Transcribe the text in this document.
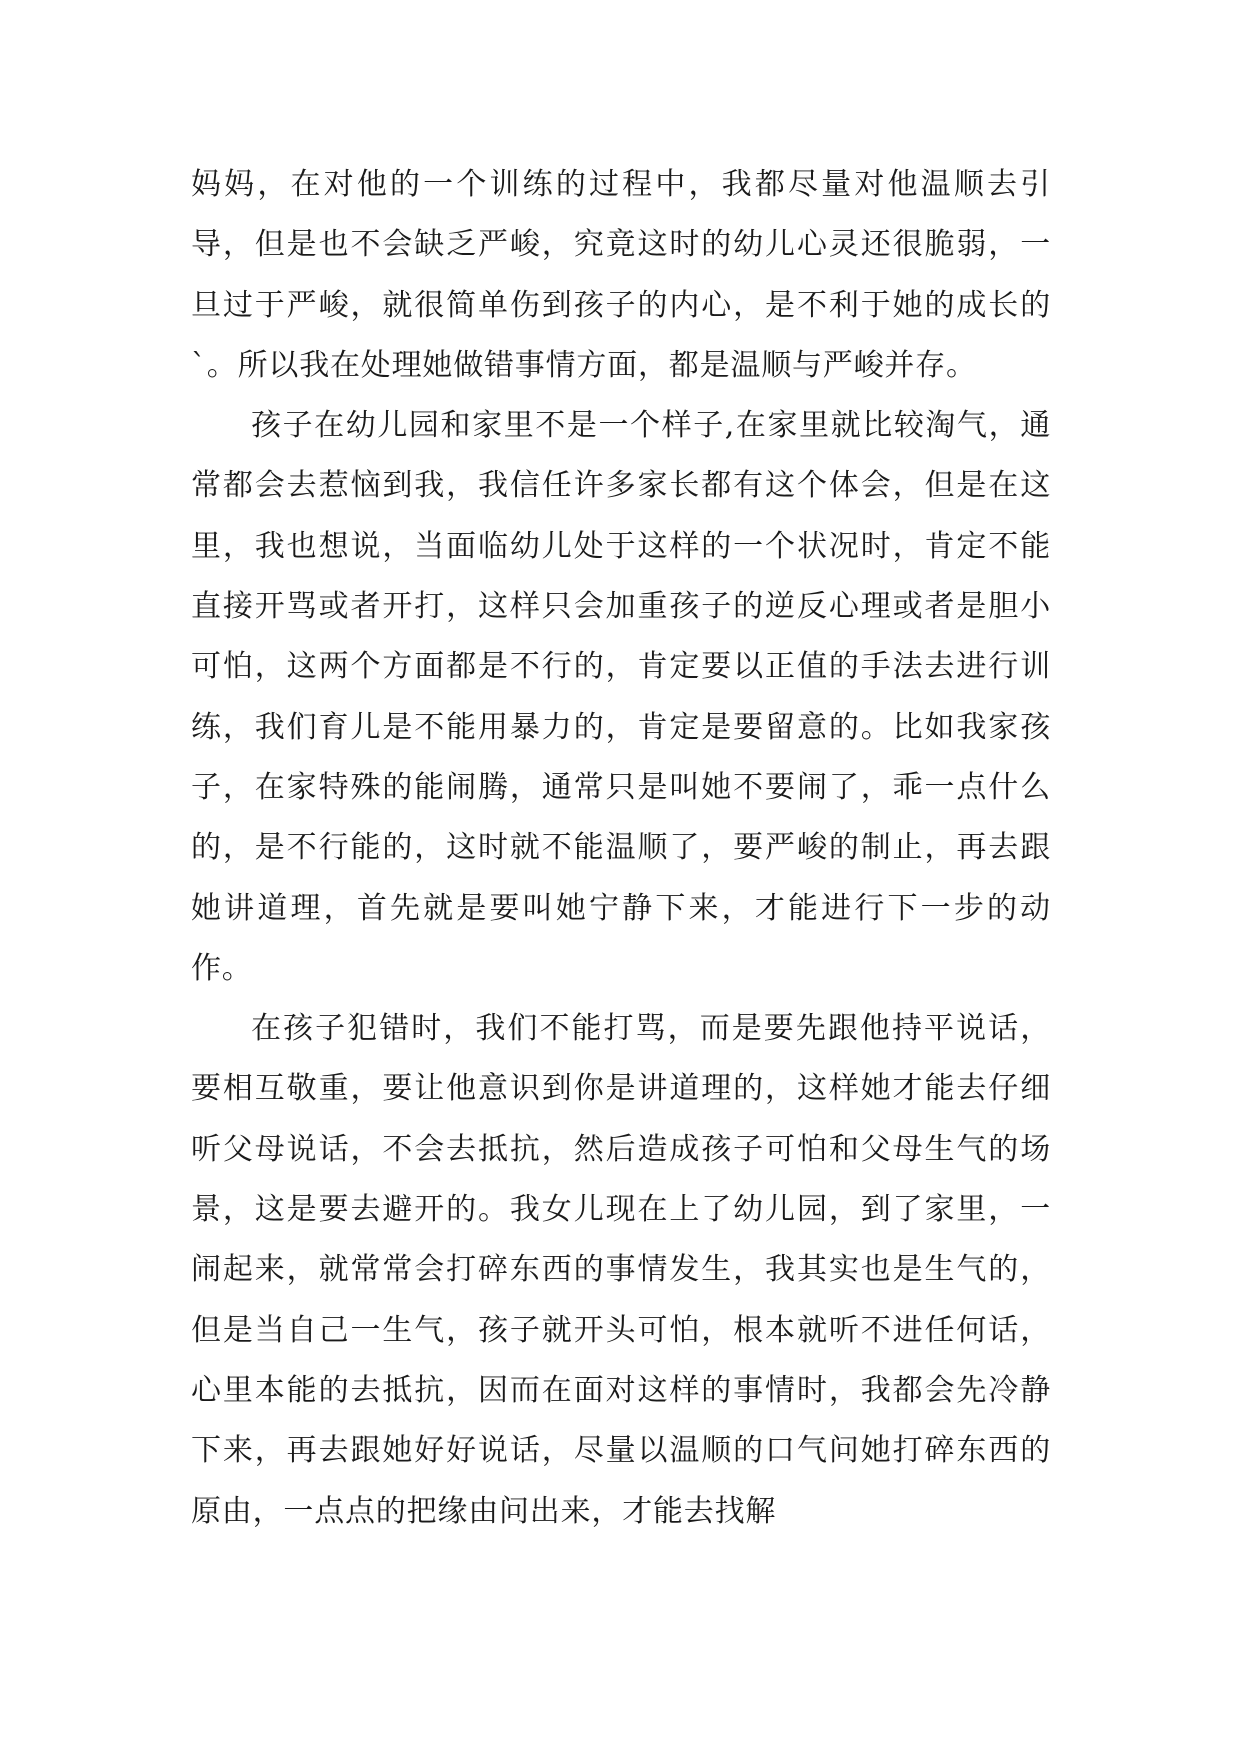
妈妈，在对他的一个训练的过程中，我都尽量对他温顺去引导，但是也不会缺乏严峻，究竟这时的幼儿心灵还很脆弱，一旦过于严峻，就很简单伤到孩子的内心，是不利于她的成长的`。所以我在处理她做错事情方面，都是温顺与严峻并存。

孩子在幼儿园和家里不是一个样子,在家里就比较淘气，通常都会去惹恼到我，我信任许多家长都有这个体会，但是在这里，我也想说，当面临幼儿处于这样的一个状况时，肯定不能直接开骂或者开打，这样只会加重孩子的逆反心理或者是胆小可怕，这两个方面都是不行的，肯定要以正值的手法去进行训练，我们育儿是不能用暴力的，肯定是要留意的。比如我家孩子，在家特殊的能闹腾，通常只是叫她不要闹了，乖一点什么的，是不行能的，这时就不能温顺了，要严峻的制止，再去跟她讲道理，首先就是要叫她宁静下来，才能进行下一步的动作。

在孩子犯错时，我们不能打骂，而是要先跟他持平说话，要相互敬重，要让他意识到你是讲道理的，这样她才能去仔细听父母说话，不会去抵抗，然后造成孩子可怕和父母生气的场景，这是要去避开的。我女儿现在上了幼儿园，到了家里，一闹起来，就常常会打碎东西的事情发生，我其实也是生气的，但是当自己一生气，孩子就开头可怕，根本就听不进任何话，心里本能的去抵抗，因而在面对这样的事情时，我都会先冷静下来，再去跟她好好说话，尽量以温顺的口气问她打碎东西的原由，一点点的把缘由问出来，才能去找解
